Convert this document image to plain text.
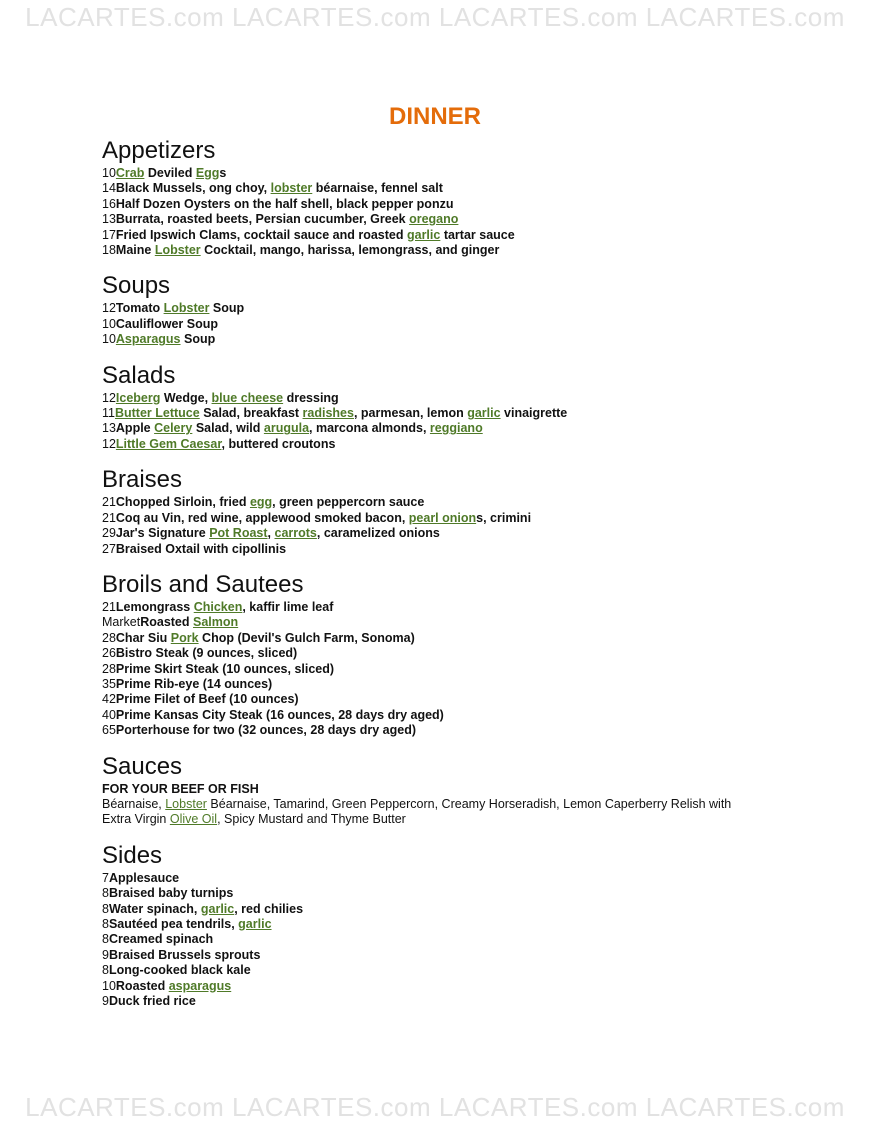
LACARTES.com LACARTES.com LACARTES.com LACARTES.com
DINNER
Appetizers
10Crab Deviled Eggs
14Black Mussels, ong choy, lobster béarnaise, fennel salt
16Half Dozen Oysters on the half shell, black pepper ponzu
13Burrata, roasted beets, Persian cucumber, Greek oregano
17Fried Ipswich Clams, cocktail sauce and roasted garlic tartar sauce
18Maine Lobster Cocktail, mango, harissa, lemongrass, and ginger
Soups
12Tomato Lobster Soup
10Cauliflower Soup
10Asparagus Soup
Salads
12Iceberg Wedge, blue cheese dressing
11Butter Lettuce Salad, breakfast radishes, parmesan, lemon garlic vinaigrette
13Apple Celery Salad, wild arugula, marcona almonds, reggiano
12Little Gem Caesar, buttered croutons
Braises
21Chopped Sirloin, fried egg, green peppercorn sauce
21Coq au Vin, red wine, applewood smoked bacon, pearl onions, crimini
29Jar's Signature Pot Roast, carrots, caramelized onions
27Braised Oxtail with cipollinis
Broils and Sautees
21Lemongrass Chicken, kaffir lime leaf
MarketRoasted Salmon
28Char Siu Pork Chop (Devil's Gulch Farm, Sonoma)
26Bistro Steak (9 ounces, sliced)
28Prime Skirt Steak (10 ounces, sliced)
35Prime Rib-eye (14 ounces)
42Prime Filet of Beef (10 ounces)
40Prime Kansas City Steak (16 ounces, 28 days dry aged)
65Porterhouse for two (32 ounces, 28 days dry aged)
Sauces
FOR YOUR BEEF OR FISH
Béarnaise, Lobster Béarnaise, Tamarind, Green Peppercorn, Creamy Horseradish, Lemon Caperberry Relish with
Extra Virgin Olive Oil, Spicy Mustard and Thyme Butter
Sides
7Applesauce
8Braised baby turnips
8Water spinach, garlic, red chilies
8Sautéed pea tendrils, garlic
8Creamed spinach
9Braised Brussels sprouts
8Long-cooked black kale
10Roasted asparagus
9Duck fried rice
LACARTES.com LACARTES.com LACARTES.com LACARTES.com
